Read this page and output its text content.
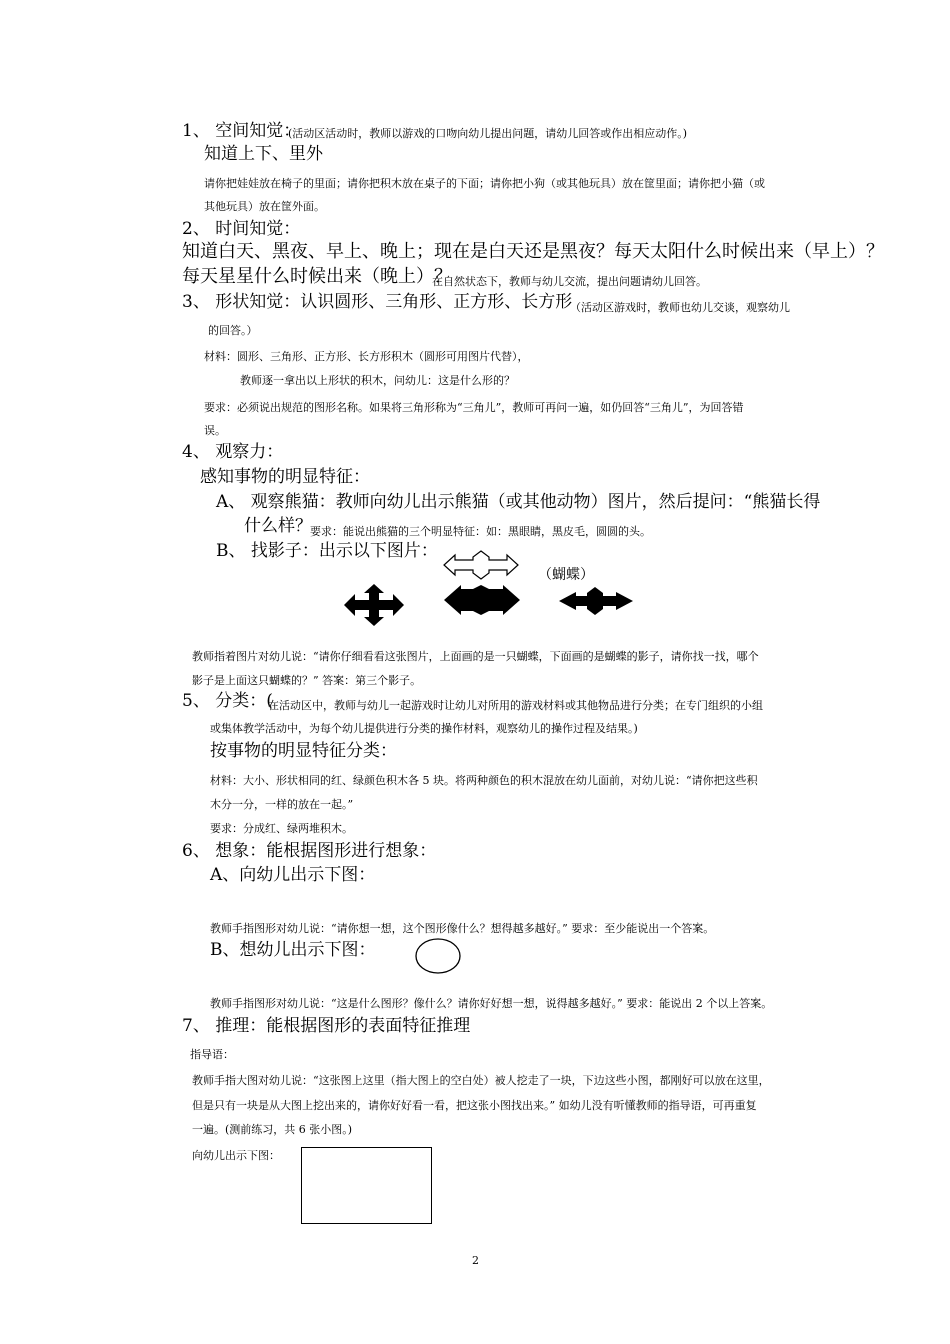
1、 空间知觉：
(活动区活动时，教师以游戏的口吻向幼儿提出问题，请幼儿回答或作出相应动作。)
知道上下、里外
请你把娃娃放在椅子的里面；请你把积木放在桌子的下面；请你把小狗（或其他玩具）放在筐里面；请你把小猫（或
其他玩具）放在筐外面。
2、 时间知觉：
知道白天、黑夜、早上、晚上；现在是白天还是黑夜？每天太阳什么时候出来（早上）？
每天星星什么时候出来（晚上）？
在自然状态下，教师与幼儿交流，提出问题请幼儿回答。
3、 形状知觉：认识圆形、三角形、正方形、长方形
（活动区游戏时，教师也幼儿交谈，观察幼儿
的回答。）
材料：圆形、三角形、正方形、长方形积木（圆形可用图片代替），
教师逐一拿出以上形状的积木，问幼儿：这是什么形的？
要求：必须说出规范的图形名称。如果将三角形称为“三角儿”，教师可再问一遍，如仍回答“三角儿”，为回答错
误。
4、 观察力：
感知事物的明显特征：
A、 观察熊猫：教师向幼儿出示熊猫（或其他动物）图片，然后提问：“熊猫长得
什么样？
要求：能说出熊猫的三个明显特征：如：黑眼睛，黑皮毛，圆圆的头。
B、 找影子：出示以下图片：
（蝴蝶）
教师指着图片对幼儿说：“请你仔细看看这张图片，上面画的是一只蝴蝶，下面画的是蝴蝶的影子，请你找一找，哪个
影子是上面这只蝴蝶的？” 答案：第三个影子。
5、 分类：(
在活动区中，教师与幼儿一起游戏时让幼儿对所用的游戏材料或其他物品进行分类；在专门组织的小组
或集体教学活动中，为每个幼儿提供进行分类的操作材料，观察幼儿的操作过程及结果。)
按事物的明显特征分类：
材料：大小、形状相同的红、绿颜色积木各 5 块。将两种颜色的积木混放在幼儿面前，对幼儿说：“请你把这些积
木分一分，一样的放在一起。”
要求：分成红、绿两堆积木。
6、 想象：能根据图形进行想象：
A、向幼儿出示下图：
教师手指图形对幼儿说：“请你想一想，这个图形像什么？想得越多越好。” 要求：至少能说出一个答案。
B、想幼儿出示下图：
教师手指图形对幼儿说：“这是什么图形？像什么？请你好好想一想，说得越多越好。” 要求：能说出 2 个以上答案。
7、 推理：能根据图形的表面特征推理
指导语：
教师手指大图对幼儿说：“这张图上这里（指大图上的空白处）被人挖走了一块，下边这些小图，都刚好可以放在这里，
但是只有一块是从大图上挖出来的，请你好好看一看，把这张小图找出来。” 如幼儿没有听懂教师的指导语，可再重复
一遍。(测前练习，共 6 张小图。)
向幼儿出示下图：
2
